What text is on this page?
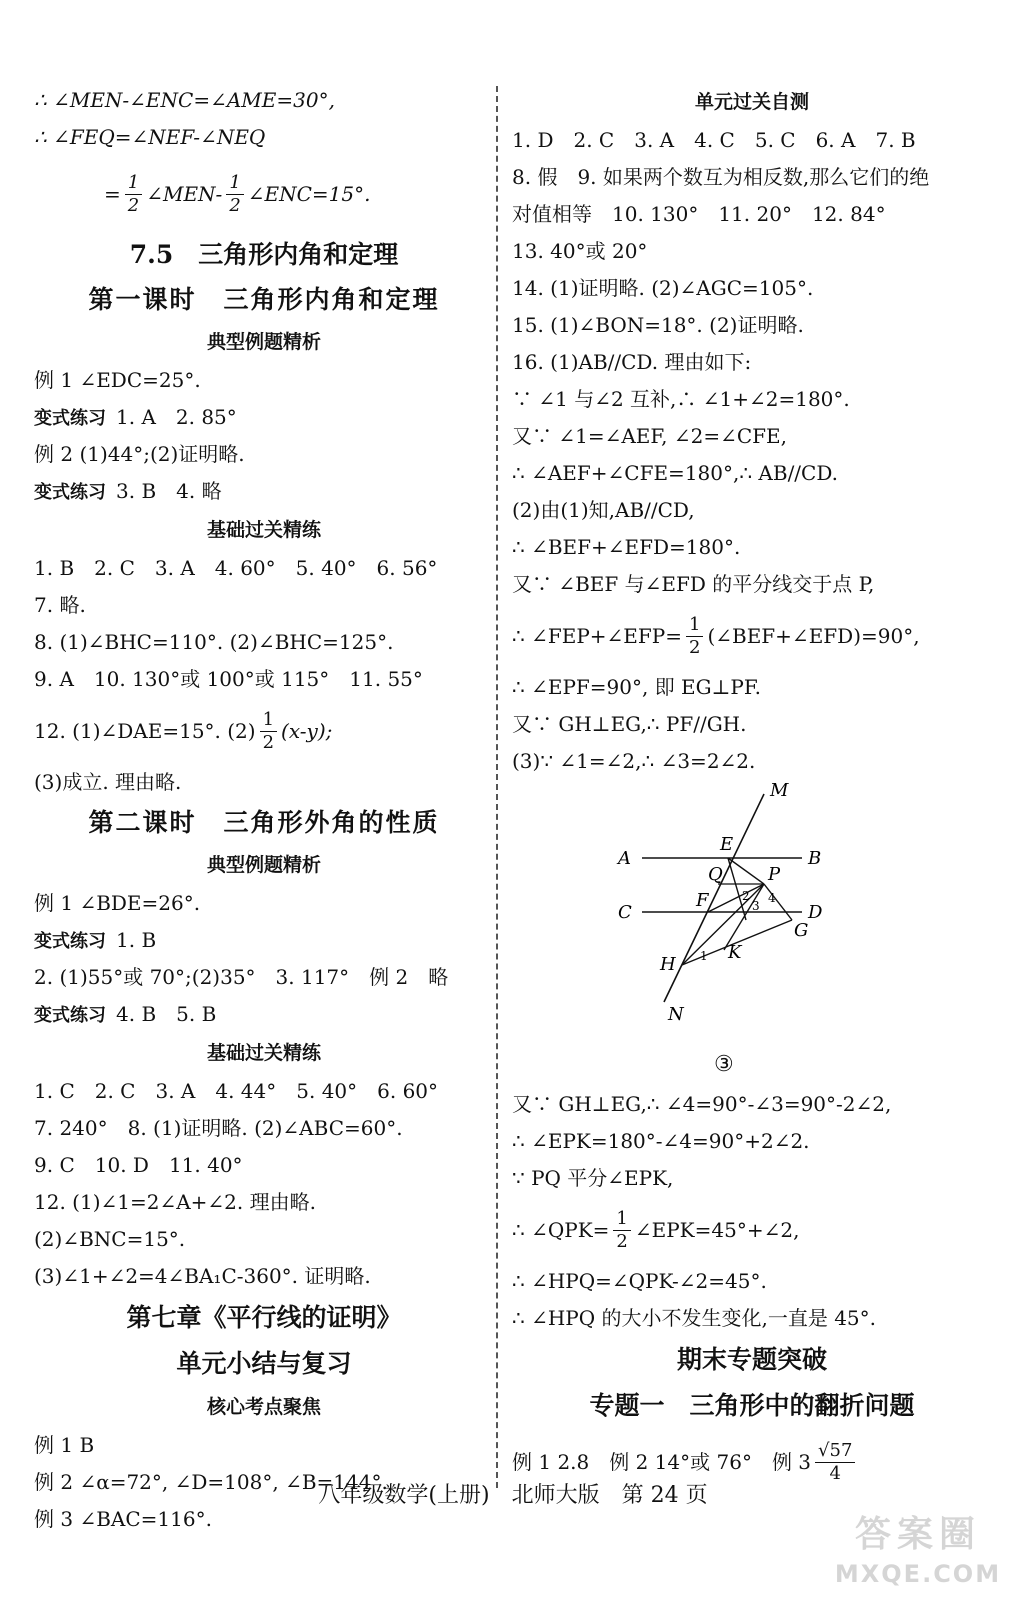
∴ ∠MEN-∠ENC=∠AME=30°,
∴ ∠FEQ=∠NEF-∠NEQ
= $\frac{1}{2}$ ∠MEN- $\frac{1}{2}$ ∠ENC=15°.
7.5　三角形内角和定理
第一课时　三角形内角和定理
典型例题精析
例 1 ∠EDC=25°.
变式练习 1. A　2. 85°
例 2 (1)44°;(2)证明略.
变式练习 3. B　4. 略
基础过关精练
1. B　2. C　3. A　4. 60°　5. 40°　6. 56°
7. 略.
8. (1)∠BHC=110°. (2)∠BHC=125°.
9. A　10. 130°或 100°或 115°　11. 55°
12. (1)∠DAE=15°. $(2) \frac{1}{2} (x-y)$;
(3)成立. 理由略.
第二课时　三角形外角的性质
典型例题精析
例 1 ∠BDE=26°.
变式练习 1. B
2. (1)55°或 70°;(2)35°　3. 117°　例 2　略
变式练习 4. B　5. B
基础过关精练
1. C　2. C　3. A　4. 44°　5. 40°　6. 60°
7. 240°　8. (1)证明略. (2)∠ABC=60°.
9. C　10. D　11. 40°
12. (1)∠1=2∠A+∠2. 理由略.
(2)∠BNC=15°.
(3)∠1+∠2=4∠BA₁C-360°. 证明略.
第七章《平行线的证明》
单元小结与复习
核心考点聚焦
例 1 B
例 2 ∠α=72°, ∠D=108°, ∠B=144°.
例 3 ∠BAC=116°.
单元过关自测
1. D　2. C　3. A　4. C　5. C　6. A　7. B
8. 假　9. 如果两个数互为相反数,那么它们的绝
对值相等　10. 130°　11. 20°　12. 84°
13. 40°或 20°
14. (1)证明略. (2)∠AGC=105°.
15. (1)∠BON=18°. (2)证明略.
16. (1)AB//CD. 理由如下:
∵ ∠1 与∠2 互补,∴ ∠1+∠2=180°.
又∵ ∠1=∠AEF, ∠2=∠CFE,
∴ ∠AEF+∠CFE=180°,∴ AB//CD.
(2)由(1)知,AB//CD,
∴ ∠BEF+∠EFD=180°.
又∵ ∠BEF 与∠EFD 的平分线交于点 P,
∴ ∠FEP+∠EFP= $\frac{1}{2}$ (∠BEF+∠EFD)=90°,
∴ ∠EPF=90°, 即 EG⊥PF.
又∵ GH⊥EG,∴ PF//GH.
(3)∵ ∠1=∠2,∴ ∠3=2∠2.
M
E
A	B
Q	P
C
F
D
G
H
K
N
1
2
3
4
③
又∵ GH⊥EG,∴ ∠4=90°-∠3=90°-2∠2,
∴ ∠EPK=180°-∠4=90°+2∠2.
∵ PQ 平分∠EPK,
∴ ∠QPK= $\frac{1}{2}$ ∠EPK=45°+∠2,
∴ ∠HPQ=∠QPK-∠2=45°.
∴ ∠HPQ 的大小不发生变化,一直是 45°.
期末专题突破
专题一　三角形中的翻折问题
例 1 2.8　例 2 14°或 76°　例 $3 \frac{√57}{4}$
八年级数学(上册)　北师大版　第 24 页
答案圈
MXQE.COM
